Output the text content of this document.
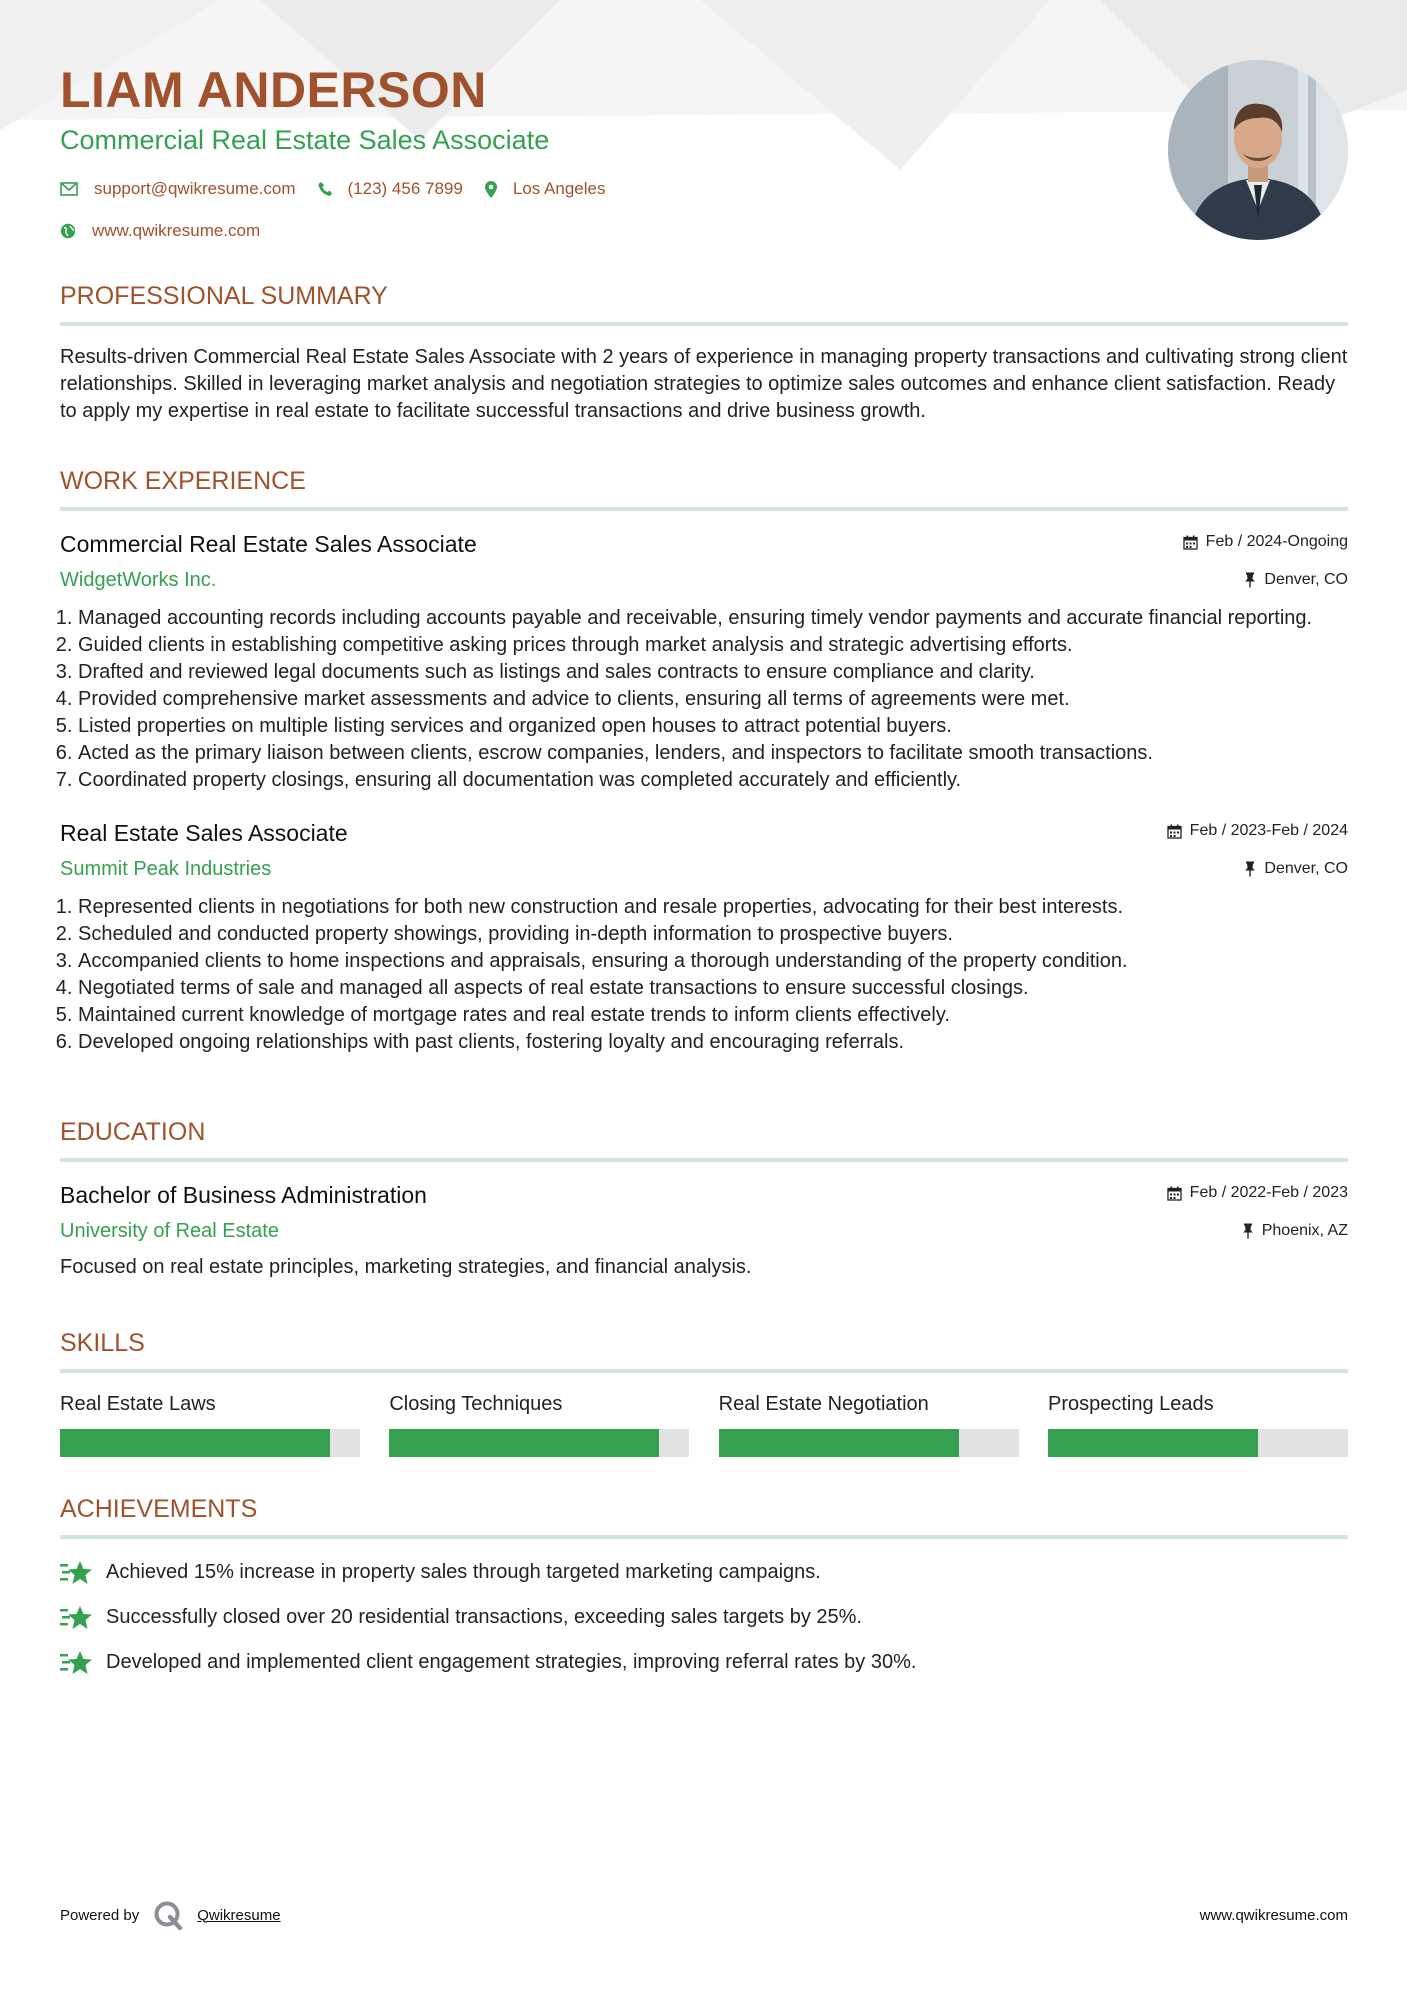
LIAM ANDERSON
Commercial Real Estate Sales Associate
support@qwikresume.com	(123) 456 7899	Los Angeles
www.qwikresume.com
PROFESSIONAL SUMMARY

Results-driven Commercial Real Estate Sales Associate with 2 years of experience in managing property transactions and cultivating strong client relationships. Skilled in leveraging market analysis and negotiation strategies to optimize sales outcomes and enhance client satisfaction. Ready to apply my expertise in real estate to facilitate successful transactions and drive business growth.

WORK EXPERIENCE
Commercial Real Estate Sales Associate	Feb / 2024-Ongoing
WidgetWorks Inc.	Denver, CO
1. Managed accounting records including accounts payable and receivable, ensuring timely vendor payments and accurate financial reporting.
2. Guided clients in establishing competitive asking prices through market analysis and strategic advertising efforts.
3. Drafted and reviewed legal documents such as listings and sales contracts to ensure compliance and clarity.
4. Provided comprehensive market assessments and advice to clients, ensuring all terms of agreements were met.
5. Listed properties on multiple listing services and organized open houses to attract potential buyers.
6. Acted as the primary liaison between clients, escrow companies, lenders, and inspectors to facilitate smooth transactions.
7. Coordinated property closings, ensuring all documentation was completed accurately and efficiently.
Real Estate Sales Associate	Feb / 2023-Feb / 2024
Summit Peak Industries	Denver, CO
1. Represented clients in negotiations for both new construction and resale properties, advocating for their best interests.
2. Scheduled and conducted property showings, providing in-depth information to prospective buyers.
3. Accompanied clients to home inspections and appraisals, ensuring a thorough understanding of the property condition.
4. Negotiated terms of sale and managed all aspects of real estate transactions to ensure successful closings.
5. Maintained current knowledge of mortgage rates and real estate trends to inform clients effectively.
6. Developed ongoing relationships with past clients, fostering loyalty and encouraging referrals.
EDUCATION
Bachelor of Business Administration	Feb / 2022-Feb / 2023
University of Real Estate	Phoenix, AZ

Focused on real estate principles, marketing strategies, and financial analysis.

SKILLS
Real Estate Laws	Closing Techniques	Real Estate Negotiation	Prospecting Leads
ACHIEVEMENTS
Achieved 15% increase in property sales through targeted marketing campaigns.
Successfully closed over 20 residential transactions, exceeding sales targets by 25%.
Developed and implemented client engagement strategies, improving referral rates by 30%.
Powered by	Qwikresume	www.qwikresume.com
